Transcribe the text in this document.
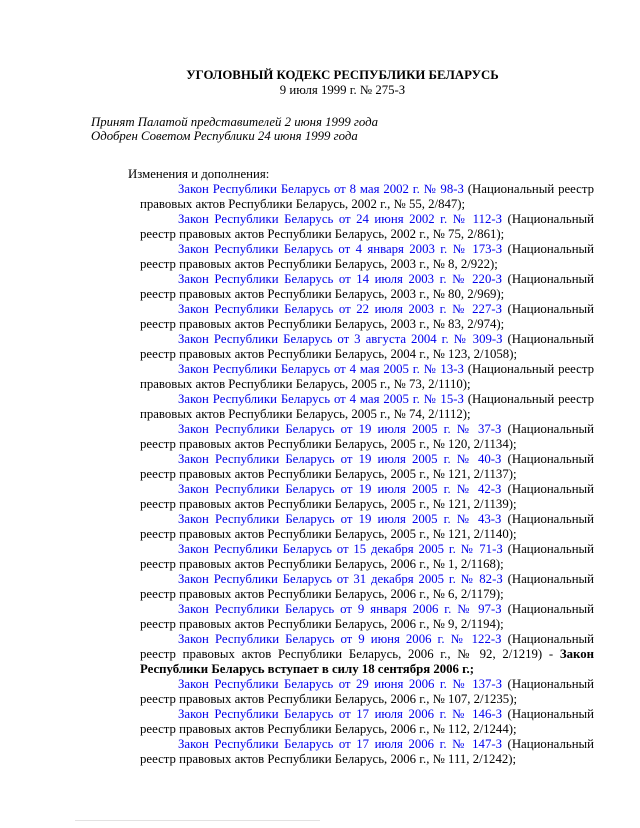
УГОЛОВНЫЙ КОДЕКС РЕСПУБЛИКИ БЕЛАРУСЬ
9 июля 1999 г. № 275-З
Принят Палатой представителей 2 июня 1999 года
Одобрен Советом Республики 24 июня 1999 года
Изменения и дополнения:

Закон Республики Беларусь от 8 мая 2002 г. № 98-З (Национальный реестр правовых актов Республики Беларусь, 2002 г., № 55, 2/847);

Закон Республики Беларусь от 24 июня 2002 г. № 112-З (Национальный реестр правовых актов Республики Беларусь, 2002 г., № 75, 2/861);

Закон Республики Беларусь от 4 января 2003 г. № 173-З (Национальный реестр правовых актов Республики Беларусь, 2003 г., № 8, 2/922);

Закон Республики Беларусь от 14 июля 2003 г. № 220-З (Национальный реестр правовых актов Республики Беларусь, 2003 г., № 80, 2/969);

Закон Республики Беларусь от 22 июля 2003 г. № 227-З (Национальный реестр правовых актов Республики Беларусь, 2003 г., № 83, 2/974);

Закон Республики Беларусь от 3 августа 2004 г. № 309-З (Национальный реестр правовых актов Республики Беларусь, 2004 г., № 123, 2/1058);

Закон Республики Беларусь от 4 мая 2005 г. № 13-З (Национальный реестр правовых актов Республики Беларусь, 2005 г., № 73, 2/1110);

Закон Республики Беларусь от 4 мая 2005 г. № 15-З (Национальный реестр правовых актов Республики Беларусь, 2005 г., № 74, 2/1112);

Закон Республики Беларусь от 19 июля 2005 г. № 37-З (Национальный реестр правовых актов Республики Беларусь, 2005 г., № 120, 2/1134);

Закон Республики Беларусь от 19 июля 2005 г. № 40-З (Национальный реестр правовых актов Республики Беларусь, 2005 г., № 121, 2/1137);

Закон Республики Беларусь от 19 июля 2005 г. № 42-З (Национальный реестр правовых актов Республики Беларусь, 2005 г., № 121, 2/1139);

Закон Республики Беларусь от 19 июля 2005 г. № 43-З (Национальный реестр правовых актов Республики Беларусь, 2005 г., № 121, 2/1140);

Закон Республики Беларусь от 15 декабря 2005 г. № 71-З (Национальный реестр правовых актов Республики Беларусь, 2006 г., № 1, 2/1168);

Закон Республики Беларусь от 31 декабря 2005 г. № 82-З (Национальный реестр правовых актов Республики Беларусь, 2006 г., № 6, 2/1179);

Закон Республики Беларусь от 9 января 2006 г. № 97-З (Национальный реестр правовых актов Республики Беларусь, 2006 г., № 9, 2/1194);

Закон Республики Беларусь от 9 июня 2006 г. № 122-З (Национальный реестр правовых актов Республики Беларусь, 2006 г., № 92, 2/1219) - Закон Республики Беларусь вступает в силу 18 сентября 2006 г.;

Закон Республики Беларусь от 29 июня 2006 г. № 137-З (Национальный реестр правовых актов Республики Беларусь, 2006 г., № 107, 2/1235);

Закон Республики Беларусь от 17 июля 2006 г. № 146-З (Национальный реестр правовых актов Республики Беларусь, 2006 г., № 112, 2/1244);

Закон Республики Беларусь от 17 июля 2006 г. № 147-З (Национальный реестр правовых актов Республики Беларусь, 2006 г., № 111, 2/1242);
